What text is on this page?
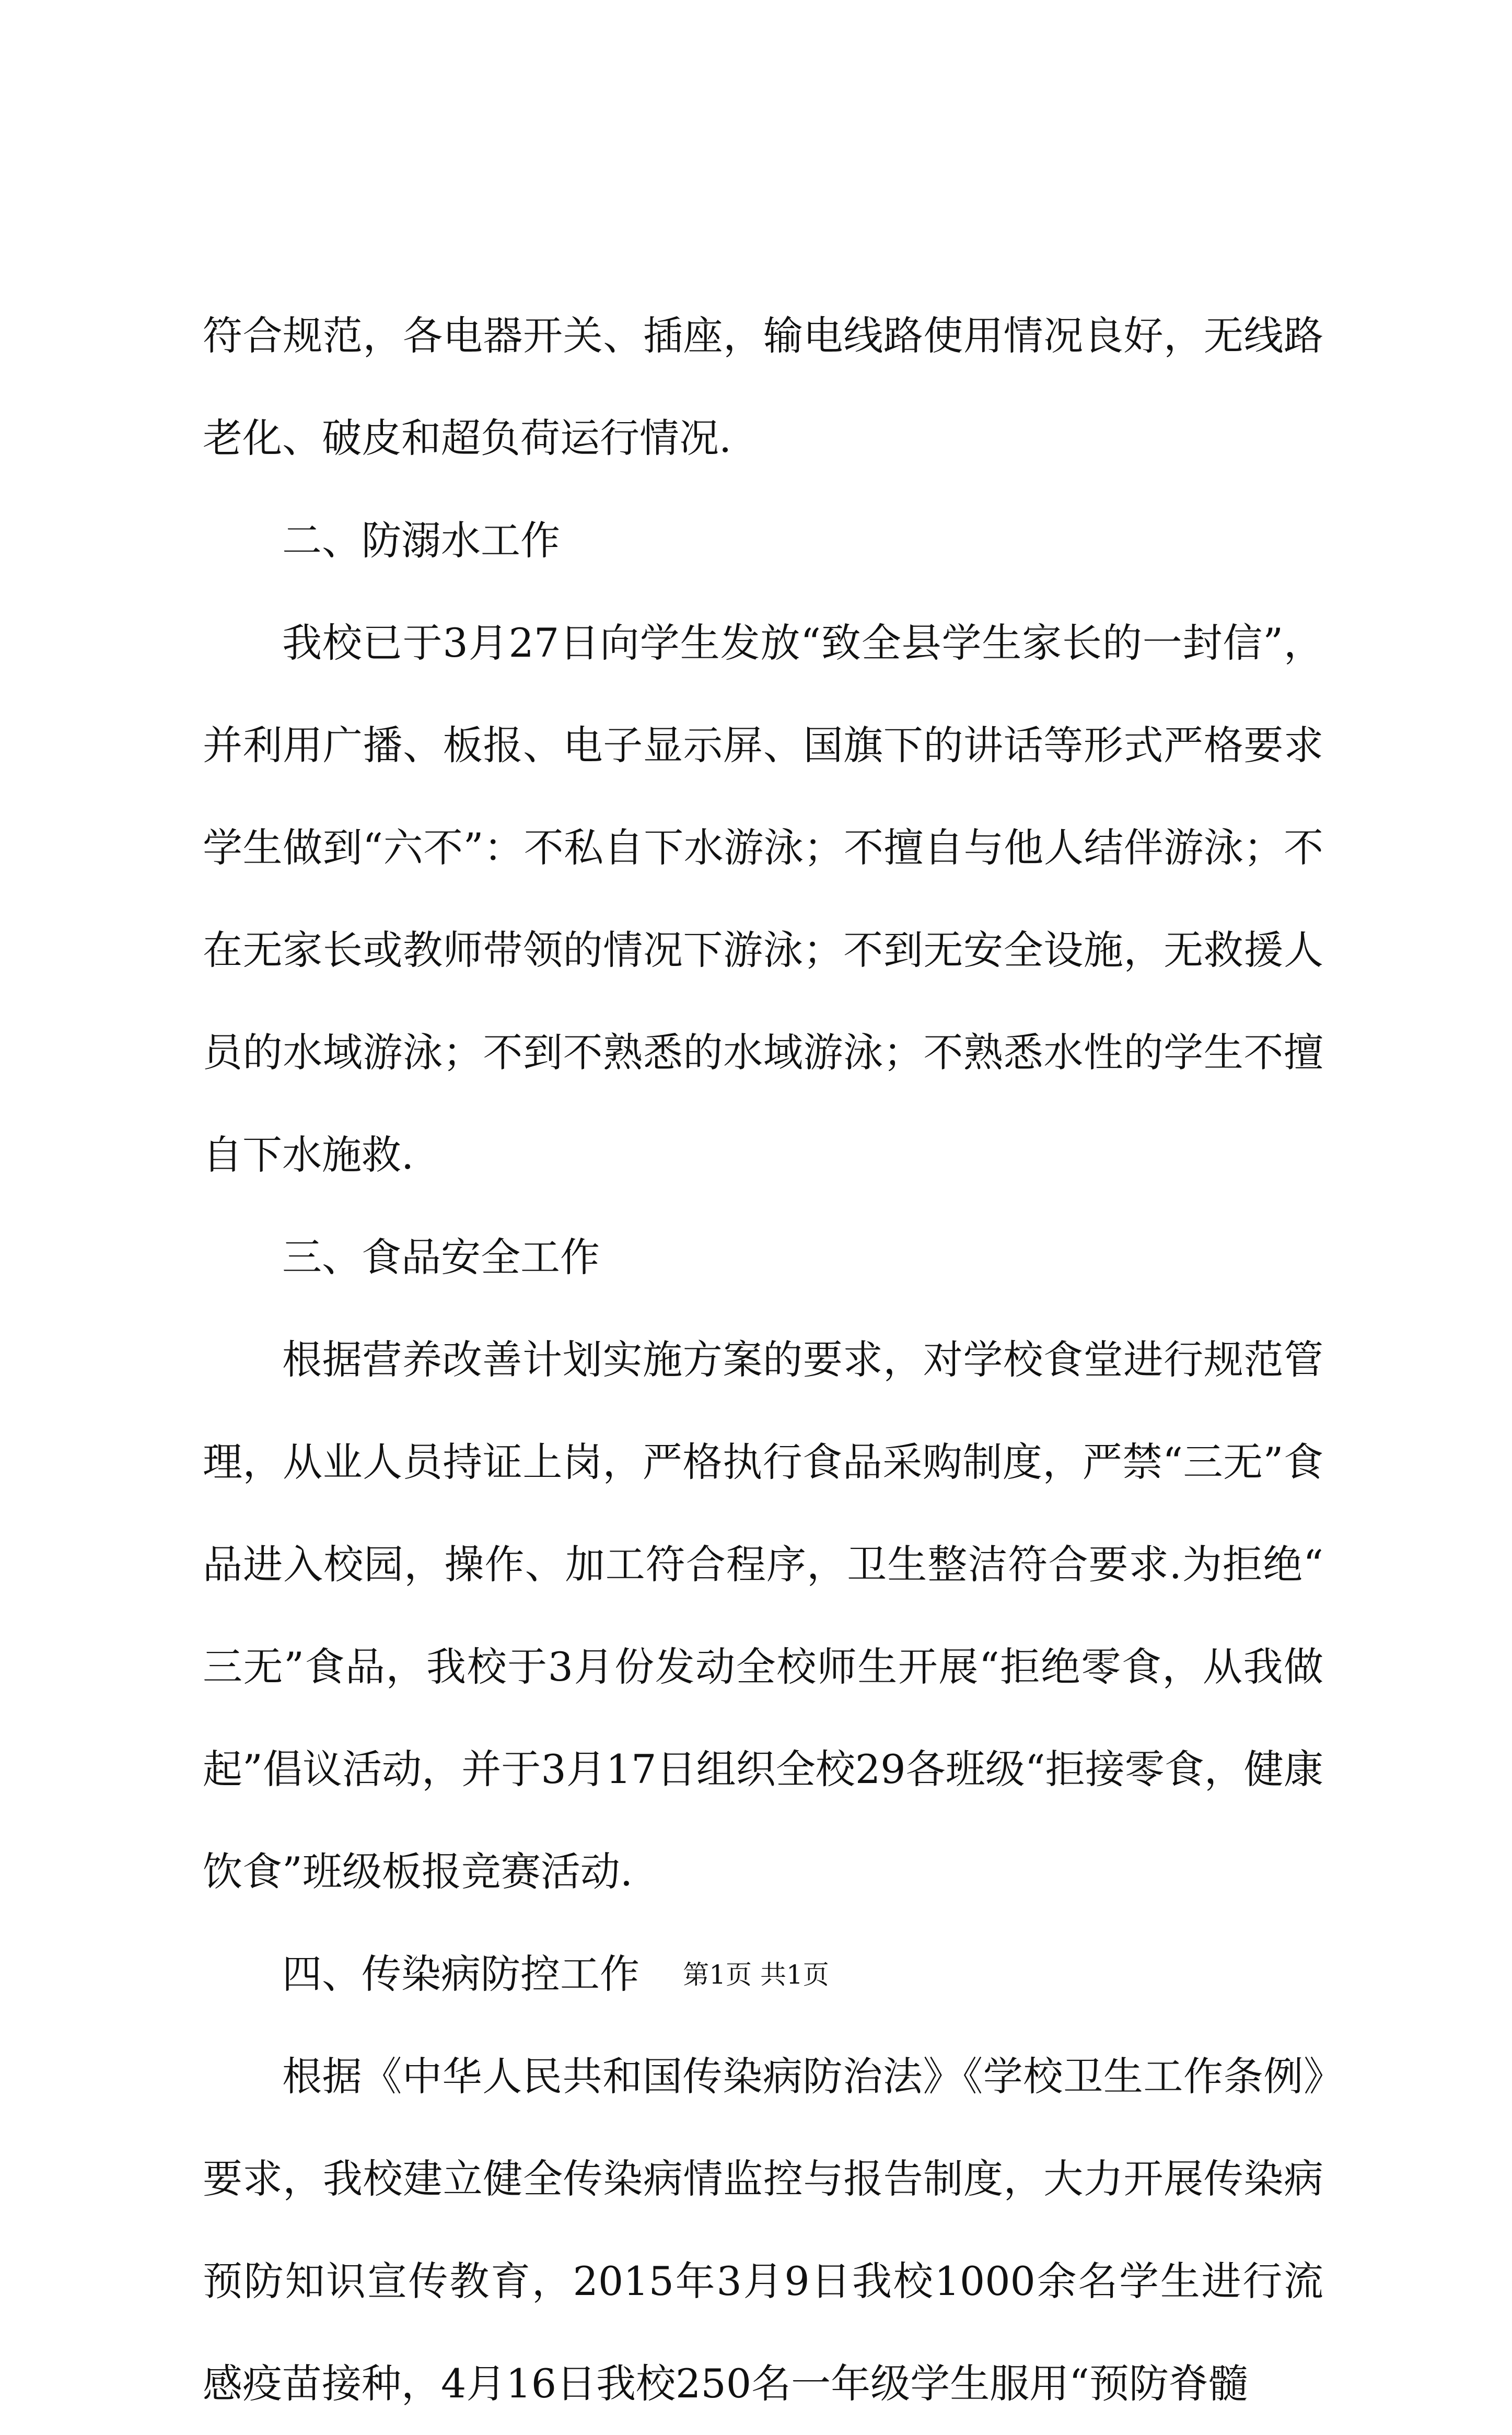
符合规范，各电器开关、插座，输电线路使用情况良好，无线路老化、破皮和超负荷运行情况.

二、防溺水工作

我校已于3月27日向学生发放“致全县学生家长的一封信”，并利用广播、板报、电子显示屏、国旗下的讲话等形式严格要求学生做到“六不”：不私自下水游泳；不擅自与他人结伴游泳；不在无家长或教师带领的情况下游泳；不到无安全设施，无救援人员的水域游泳；不到不熟悉的水域游泳；不熟悉水性的学生不擅自下水施救.

三、食品安全工作

根据营养改善计划实施方案的要求，对学校食堂进行规范管理，从业人员持证上岗，严格执行食品采购制度，严禁“三无”食品进入校园，操作、加工符合程序，卫生整洁符合要求.为拒绝“三无”食品，我校于3月份发动全校师生开展“拒绝零食，从我做起”倡议活动，并于3月17日组织全校29各班级“拒接零食，健康饮食”班级板报竞赛活动.

四、传染病防控工作

根据《中华人民共和国传染病防治法》《学校卫生工作条例》要求，我校建立健全传染病情监控与报告制度，大力开展传染病预防知识宣传教育，2015年3月9日我校1000余名学生进行流感疫苗接种，4月16日我校250名一年级学生服用“预防脊髓

第1页 共1页
